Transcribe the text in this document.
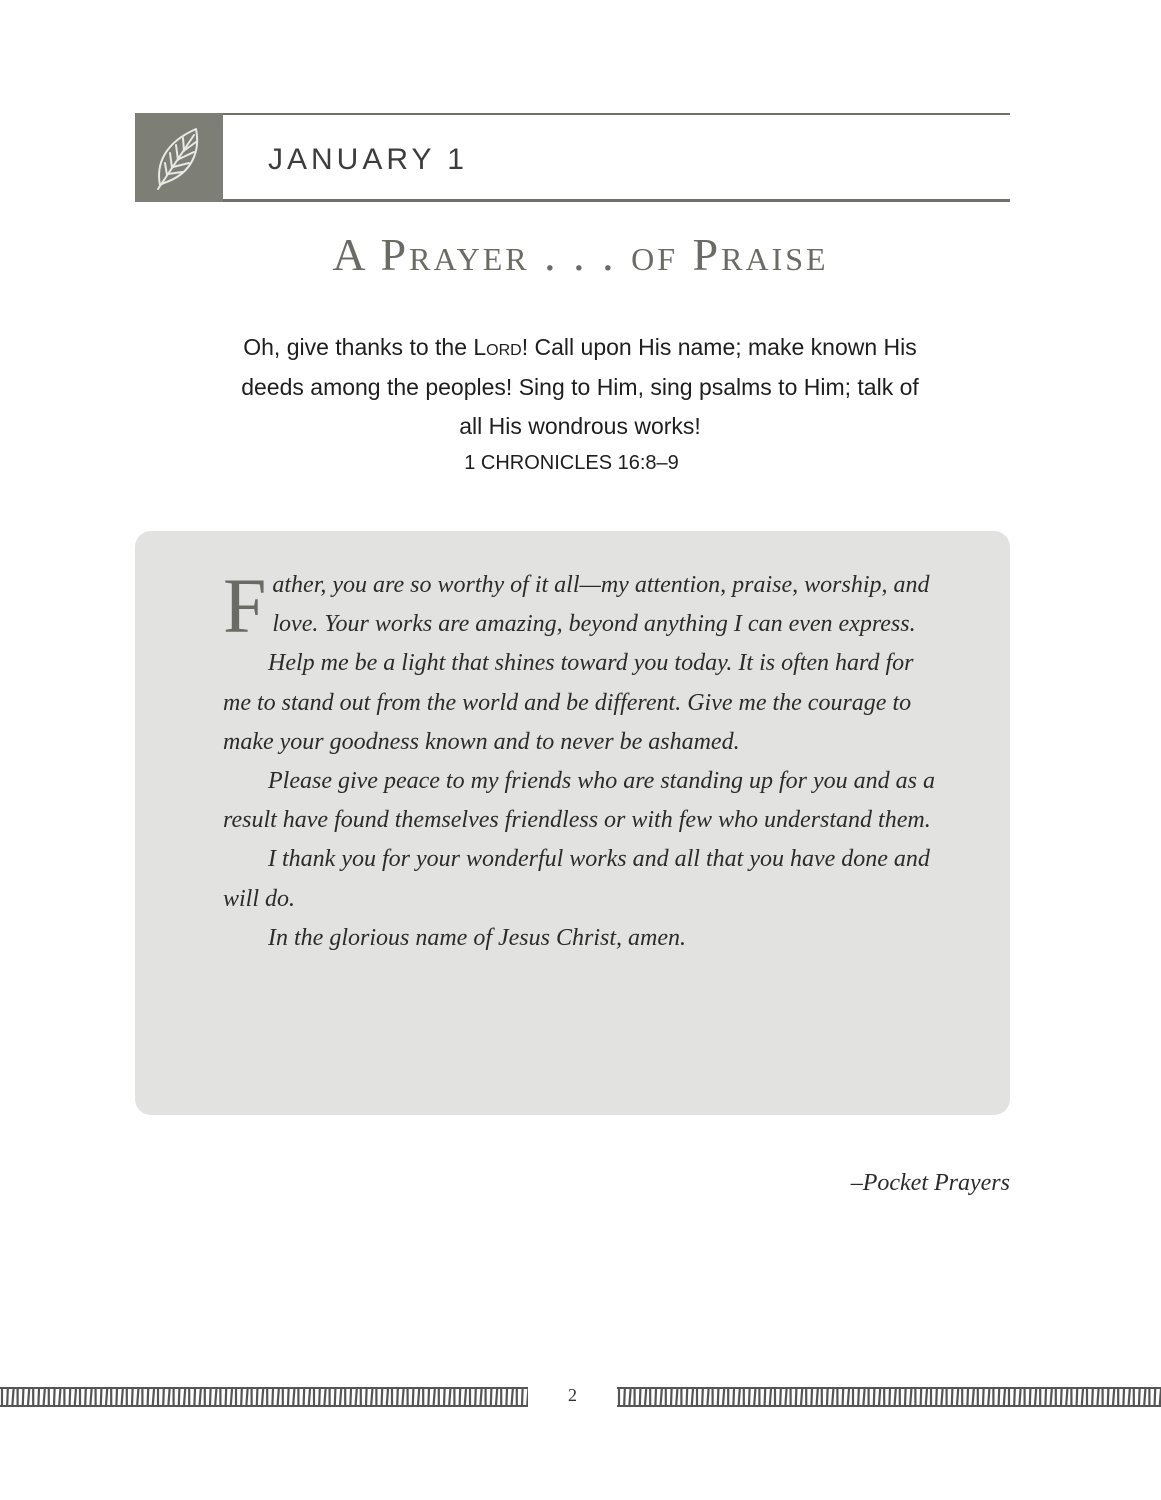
JANUARY 1
A Prayer . . . of Praise
Oh, give thanks to the Lord! Call upon His name; make known His deeds among the peoples! Sing to Him, sing psalms to Him; talk of all His wondrous works!
1 CHRONICLES 16:8–9

Father, you are so worthy of it all—my attention, praise, worship, and love. Your works are amazing, beyond anything I can even express.

Help me be a light that shines toward you today. It is often hard for me to stand out from the world and be different. Give me the courage to make your goodness known and to never be ashamed.

Please give peace to my friends who are standing up for you and as a result have found themselves friendless or with few who understand them.

I thank you for your wonderful works and all that you have done and will do.

In the glorious name of Jesus Christ, amen.

–Pocket Prayers
2
